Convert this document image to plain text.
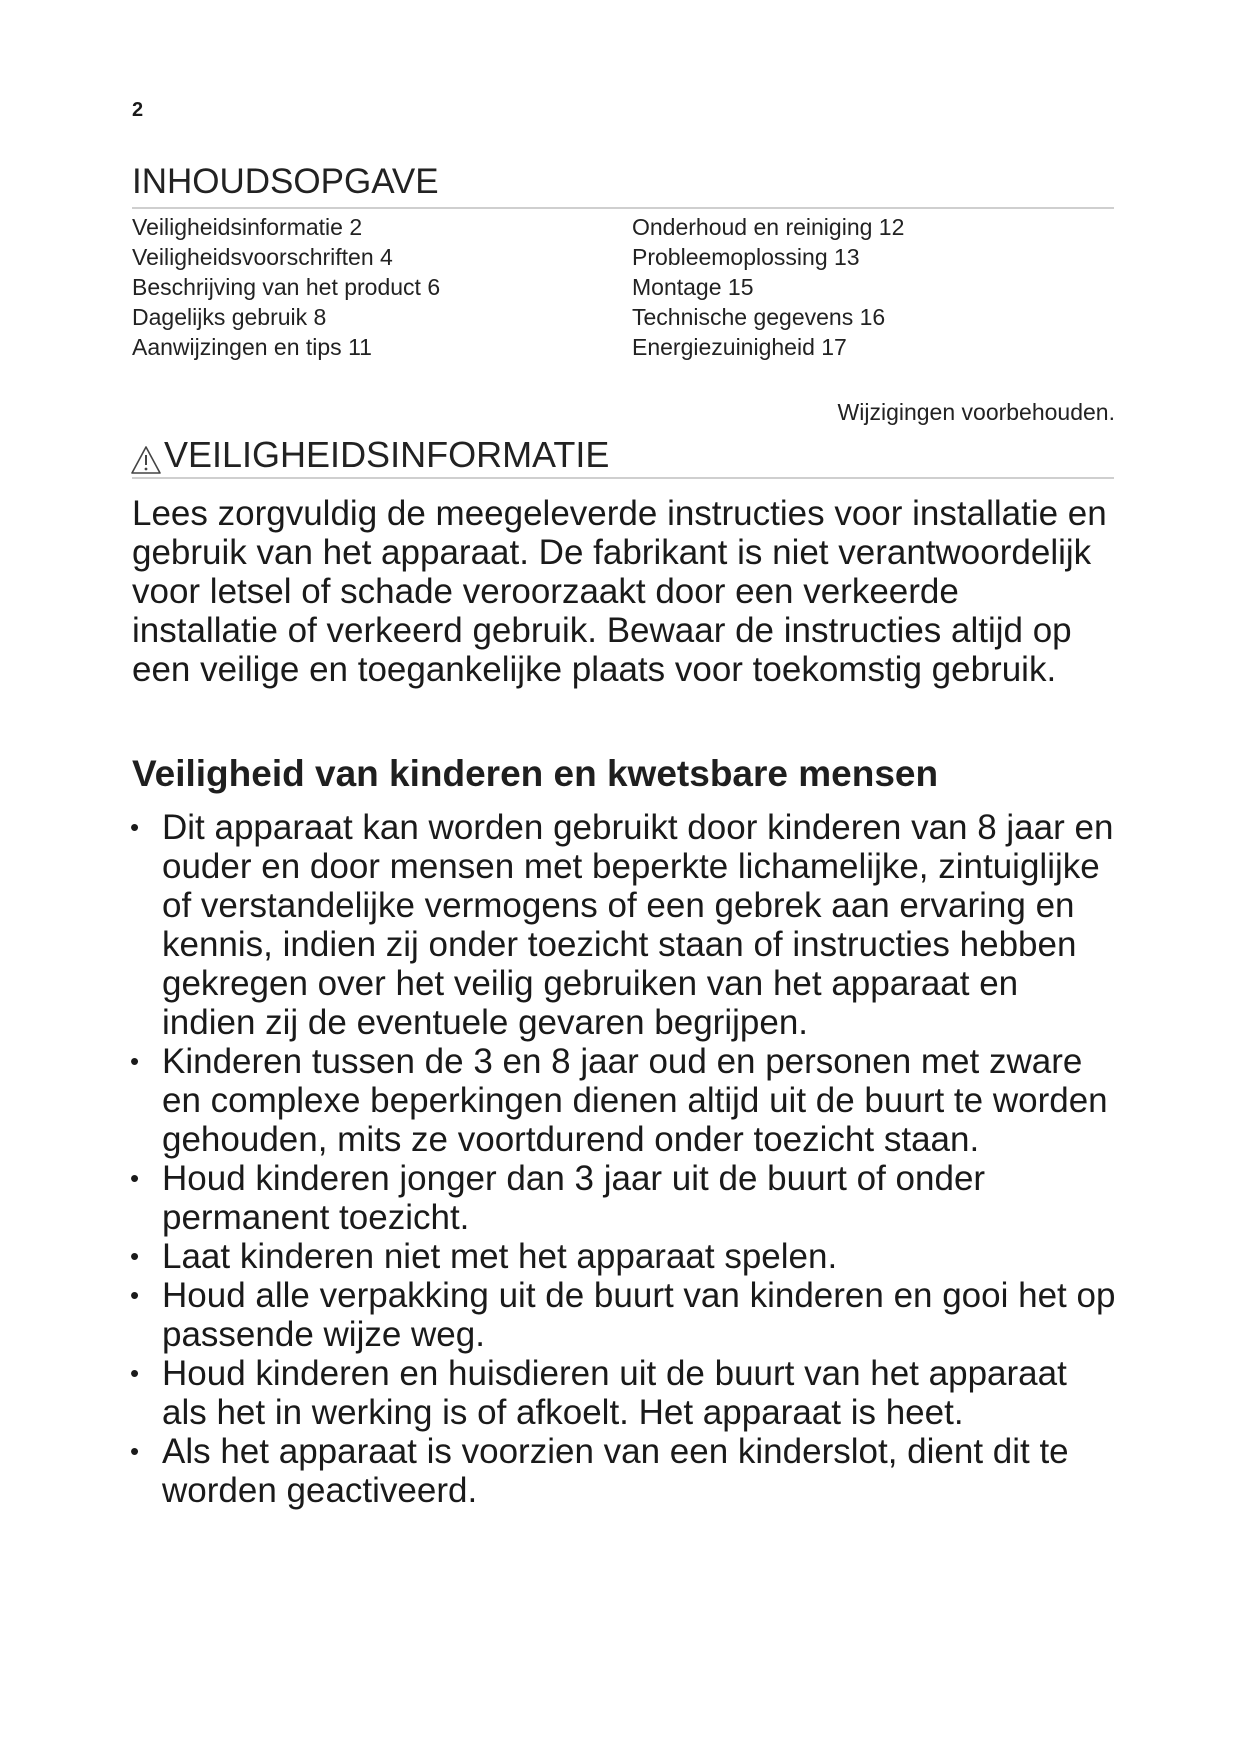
2
INHOUDSOPGAVE
Veiligheidsinformatie 2
Veiligheidsvoorschriften 4
Beschrijving van het product 6
Dagelijks gebruik 8
Aanwijzingen en tips 11
Onderhoud en reiniging 12
Probleemoplossing 13
Montage 15
Technische gegevens 16
Energiezuinigheid 17
Wijzigingen voorbehouden.
VEILIGHEIDSINFORMATIE

Lees zorgvuldig de meegeleverde instructies voor installatie en gebruik van het apparaat. De fabrikant is niet verantwoordelijk voor letsel of schade veroorzaakt door een verkeerde installatie of verkeerd gebruik. Bewaar de instructies altijd op een veilige en toegankelijke plaats voor toekomstig gebruik.

Veiligheid van kinderen en kwetsbare mensen
• Dit apparaat kan worden gebruikt door kinderen van 8 jaar en ouder en door mensen met beperkte lichamelijke, zintuiglijke of verstandelijke vermogens of een gebrek aan ervaring en kennis, indien zij onder toezicht staan of instructies hebben gekregen over het veilig gebruiken van het apparaat en indien zij de eventuele gevaren begrijpen.
• Kinderen tussen de 3 en 8 jaar oud en personen met zware en complexe beperkingen dienen altijd uit de buurt te worden gehouden, mits ze voortdurend onder toezicht staan.
• Houd kinderen jonger dan 3 jaar uit de buurt of onder permanent toezicht.
• Laat kinderen niet met het apparaat spelen.
• Houd alle verpakking uit de buurt van kinderen en gooi het op passende wijze weg.
• Houd kinderen en huisdieren uit de buurt van het apparaat als het in werking is of afkoelt. Het apparaat is heet.
• Als het apparaat is voorzien van een kinderslot, dient dit te worden geactiveerd.
